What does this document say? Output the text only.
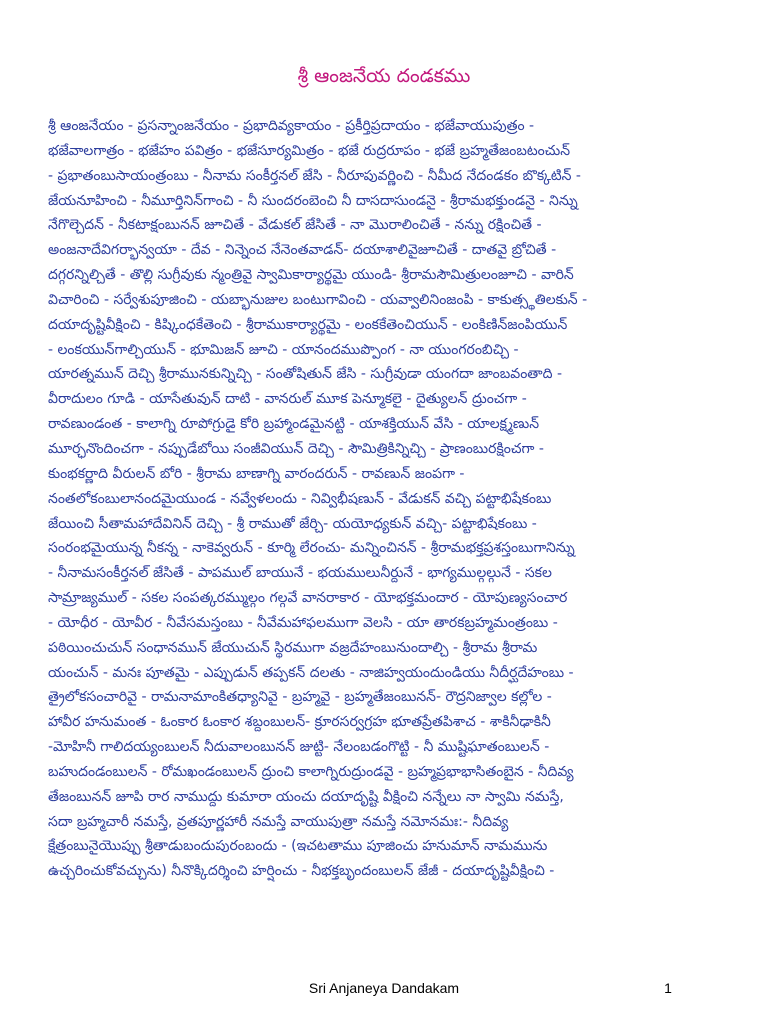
శ్రీ ఆంజనేయ దండకము
శ్రీ ఆంజనేయం - ప్రసన్నాంజనేయం - ప్రభాదివ్యకాయం - ప్రకీర్తిప్రదాయం - భజేవాయుపుత్రం -
భజేవాలగాత్రం - భజేహం పవిత్రం - భజేసూర్యమిత్రం - భజే రుద్రరూపం - భజే బ్రహ్మతేజంబటంచున్
- ప్రభాతంబుసాయంత్రంబు - నీనామ సంకీర్తనల్ జేసి - నీరూపువర్ణించి - నీమీద నేదండకం బొక్కటిన్ -
జేయనూహించి - నీమూర్తినిన్‌గాంచి - నీ సుందరంబెంచి నీ దాసదాసుండనై - శ్రీరామభక్తుండనై - నిన్ను
నేగొల్చెదన్ - నీకటాక్షంబునన్ జూచితే - వేడుకల్ జేసితే - నా మొరాలించితే - నన్ను రక్షించితే -
అంజనాదేవిగర్భాన్వయా - దేవ - నిన్నెంచ నేనెంతవాడన్- దయాశాలివైజూచితే - దాతవై బ్రోచితే -
దగ్గరన్నిల్చితే - తొల్లి సుగ్రీవుకు న్మంత్రివై స్వామికార్యార్థమై యుండి- శ్రీరామసౌమిత్రులంజూచి - వారిన్
విచారించి - సర్వేశుపూజించి - యబ్భానుజుల బంటుగావించి - యవ్వాలినింజంపి - కాకుత్స్థతిలకున్ -
దయాదృష్టివీక్షించి - కిష్కింధకేతెంచి - శ్రీరాముకార్యార్థమై - లంకకేతెంచియున్ - లంకిణిన్‌జంపియున్
- లంకయున్‌గాల్చియున్ - భూమిజన్ జూచి - యానందముప్పొంగ - నా యుంగరంబిచ్చి -
యారత్నమున్ దెచ్చి శ్రీరామునకున్నిచ్చి - సంతోషితున్ జేసి - సుగ్రీవుడా యంగదా జాంబవంతాది -
వీరాదులం గూడి - యాసేతువున్ దాటి - వానరుల్ మూక పెన్మూకలై - దైత్యులన్ ద్రుంచగా -
రావణుండంత - కాలాగ్ని రూపోగ్రుడై కోరి బ్రహ్మాండమైనట్టి - యాశక్తియున్ వేసి - యాలక్ష్మణున్
మూర్ఛనొందించగా - నప్పుడేబోయి సంజీవియున్ దెచ్చి - సౌమిత్రికిన్నిచ్చి - ప్రాణంబురక్షించగా -
కుంభకర్ణాది వీరులన్ బోరి - శ్రీరామ బాణాగ్ని వారందరున్ - రావణున్ జంపగా -
నంతలోకంబులానందమైయుండ - నవ్వేళలందు - నివ్విభీషణున్ - వేడుకన్ వచ్చి పట్టాభిషేకంబు
జేయించి సీతామహాదేవినిన్ దెచ్చి - శ్రీ రాముతో జేర్చి- యయోధ్యకున్ వచ్చి- పట్టాభిషేకంబు -
సంరంభమైయున్న నీకన్న - నాకెవ్వరున్ - కూర్మి లేరంచు- మన్నించినన్ - శ్రీరామభక్తప్రశస్తంబుగానిన్ను
- నీనామసంకీర్తనల్ జేసితే - పాపముల్ బాయునే - భయములునీర్దునే - భాగ్యముల్గల్గునే - సకల
సామ్రాజ్యముల్ - సకల సంపత్కరమ్ముల్గం గల్గవే వానరాకార - యోభక్తమందార - యోపుణ్యసంచార
- యోధీర - యోవీర - నీవేసమస్తంబు - నీవేమహాఫలముగా వెలసి - యా తారకబ్రహ్మమంత్రంబు -
పఠియించుచున్ సంధానమున్ జేయుచున్ స్థిరముగా వజ్రదేహంబునుందాల్చి - శ్రీరామ శ్రీరామ
యంచున్ - మనః పూతమై - ఎప్పుడున్ తప్పకన్ దలతు - నాజిహ్వయందుండియు నీదీర్ఘదేహంబు -
త్రైలోకసంచారివై - రామనామాంకితధ్యానివై - బ్రహ్మవై - బ్రహ్మతేజంబునన్- రౌద్రనిజ్వాల కల్లోల -
హావీర హనుమంత - ఓంకార ఓంకార శబ్దంబులన్- క్రూరసర్వగ్రహ భూతప్రేతపిశాచ - శాకినీఢాకినీ
-మోహినీ గాలిదయ్యంబులన్ నీదువాలంబునన్ జుట్టి- నేలంబడంగొట్టి - నీ ముష్టిఘాతంబులన్ -
బహుదండంబులన్ - రోమఖండంబులన్ ద్రుంచి కాలాగ్నిరుద్రుండవై - బ్రహ్మప్రభాభాసితంబైన - నీదివ్య
తేజంబునన్ జూపి రార నాముద్దు కుమారా యంచు దయాదృష్టి వీక్షించి నన్నేలు నా స్వామి నమస్తే,
సదా బ్రహ్మచారీ నమస్తే, వ్రతపూర్ణహారీ నమస్తే వాయుపుత్రా నమస్తే నమోనమః:- నీదివ్య
క్షేత్రంబునైయొప్పు శ్రీతాడుబందుపురంబందు - (ఇచటతాము పూజించు హనుమాన్ నామమును
ఉచ్చరించుకోవచ్చును) నీనొక్కిదర్శించి హర్షించు - నీభక్తబృందంబులన్ జేజీ - దయాదృష్టివీక్షించి -
Sri Anjaneya Dandakam	1
